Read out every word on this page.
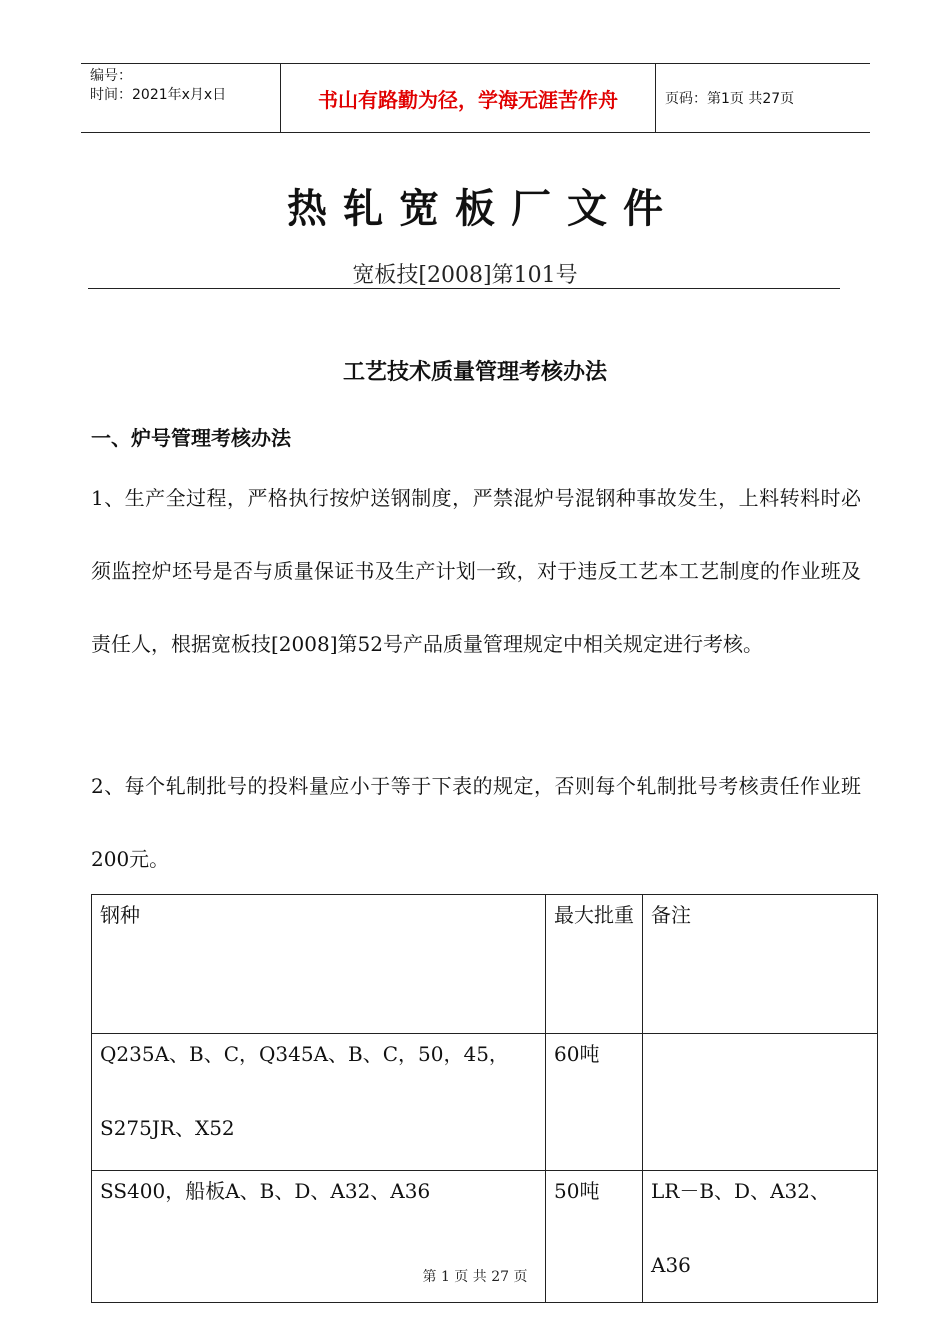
编号：
时间：2021年x月x日	书山有路勤为径，学海无涯苦作舟	页码：第1页 共27页
热轧宽板厂文件
宽板技[2008]第101号
工艺技术质量管理考核办法
一、炉号管理考核办法
1、生产全过程，严格执行按炉送钢制度，严禁混炉号混钢种事故发生，上料转料时必须监控炉坯号是否与质量保证书及生产计划一致，对于违反工艺本工艺制度的作业班及责任人，根据宽板技[2008]第52号产品质量管理规定中相关规定进行考核。
2、每个轧制批号的投料量应小于等于下表的规定，否则每个轧制批号考核责任作业班200元。
钢种	最大批重	备注

Q235A、B、C，Q345A、B、C，50，45，S275JR、X52	60吨	

SS400，船板A、B、D、A32、A36	50吨	LR－B、D、A32、A36
第 1 页 共 27 页
